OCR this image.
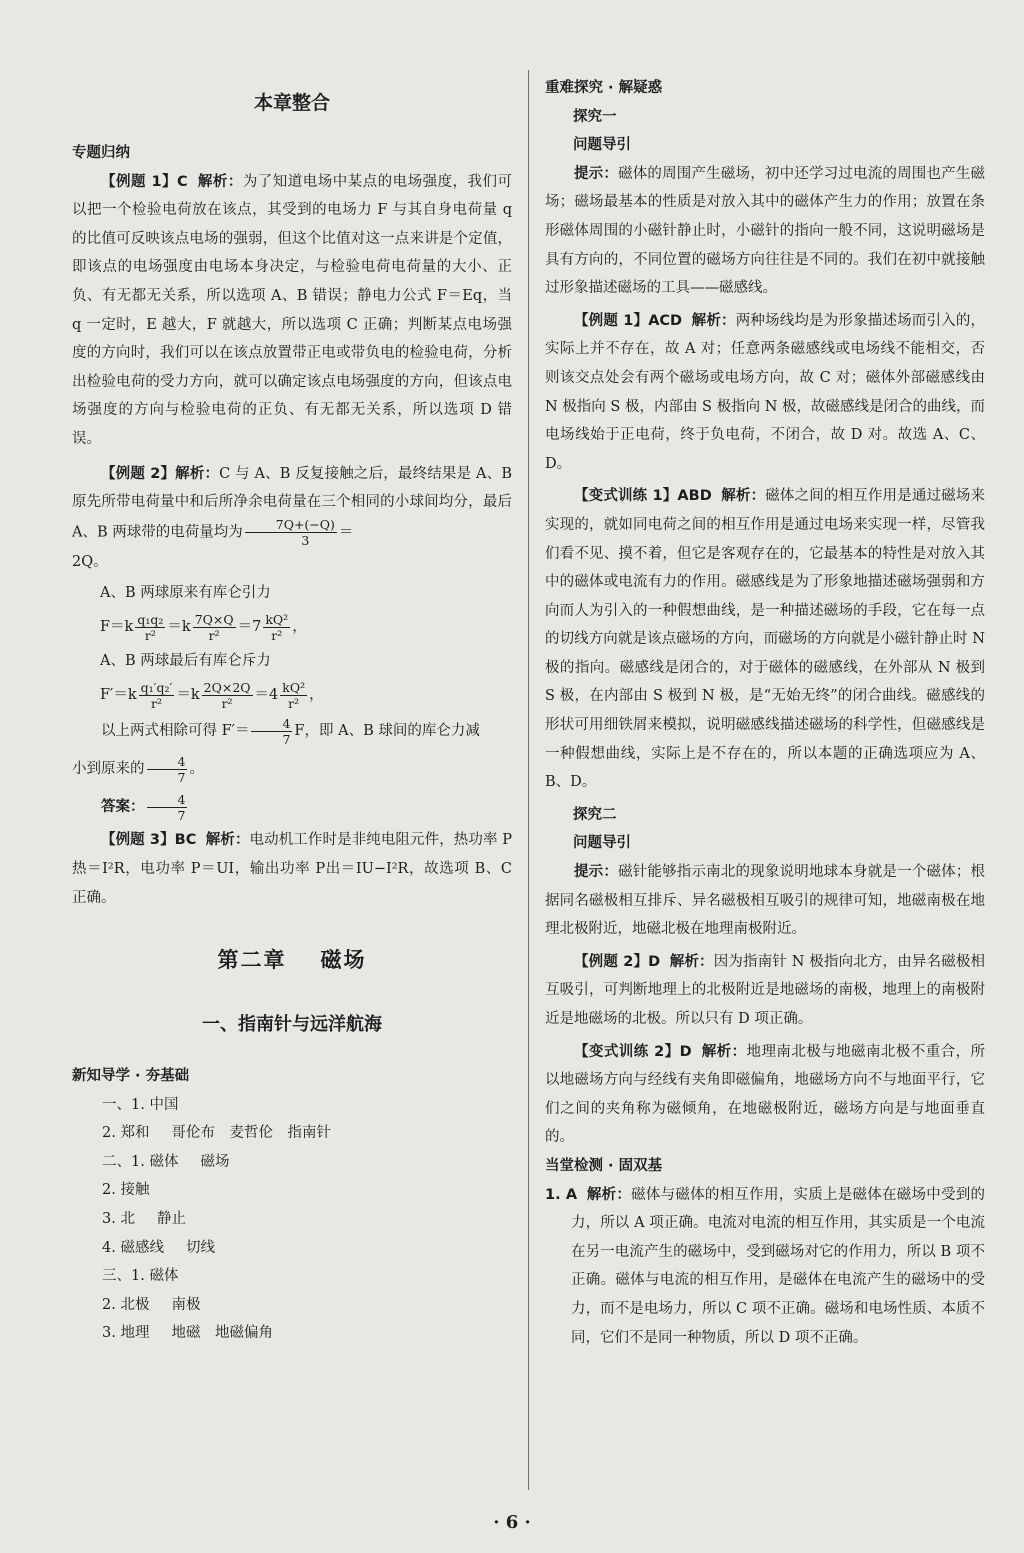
本章整合
专题归纳

【例题 1】C 解析：为了知道电场中某点的电场强度，我们可以把一个检验电荷放在该点，其受到的电场力 F 与其自身电荷量 q 的比值可反映该点电场的强弱，但这个比值对这一点来讲是个定值，即该点的电场强度由电场本身决定，与检验电荷电荷量的大小、正负、有无都无关系，所以选项 A、B 错误；静电力公式 F＝Eq，当 q 一定时，E 越大，F 就越大，所以选项 C 正确；判断某点电场强度的方向时，我们可以在该点放置带正电或带负电的检验电荷，分析出检验电荷的受力方向，就可以确定该点电场强度的方向，但该点电场强度的方向与检验电荷的正负、有无都无关系，所以选项 D 错误。

【例题 2】解析：C 与 A、B 反复接触之后，最终结果是 A、B 原先所带电荷量中和后所净余电荷量在三个相同的小球间均分，最后 A、B 两球带的电荷量均为 $\frac{7Q+(-Q)}{3}$ ＝
2Q。

A、B 两球原来有库仑引力
$F=k \frac{\text{q₁q₂}}{\text{r²}} =k \frac{7Q\times Q}{\text{r²}} =7 \frac{\text{kQ²}}{\text{r²}}$ ，
A、B 两球最后有库仑斥力
$F'=k \frac{\text{q₁′q₂′}}{\text{r²}} =k \frac{2Q\times 2Q}{\text{r²}} =4 \frac{\text{kQ²}}{\text{r²}}$ ，

以上两式相除可得 $F'= \frac{4}{7}$ F，即 A、B 球间的库仑力减
小到原来的 $\frac{4}{7}$ 。

答案： $\frac{4}{7}$

【例题 3】BC 解析：电动机工作时是非纯电阻元件，热功率 P热＝I²R，电功率 P＝UI，输出功率 P出＝IU−I²R，故选项 B、C 正确。

第二章 磁场
一、指南针与远洋航海
新知导学 · 夯基础
一、1. 中国
2. 郑和 哥伦布　麦哲伦　指南针
二、1. 磁体 磁场
2. 接触
3. 北 静止
4. 磁感线 切线
三、1. 磁体
2. 北极 南极
3. 地理 地磁　地磁偏角
重难探究 · 解疑惑
探究一
问题导引

提示：磁体的周围产生磁场，初中还学习过电流的周围也产生磁场；磁场最基本的性质是对放入其中的磁体产生力的作用；放置在条形磁体周围的小磁针静止时，小磁针的指向一般不同，这说明磁场是具有方向的，不同位置的磁场方向往往是不同的。我们在初中就接触过形象描述磁场的工具——磁感线。

【例题 1】ACD 解析：两种场线均是为形象描述场而引入的，实际上并不存在，故 A 对；任意两条磁感线或电场线不能相交，否则该交点处会有两个磁场或电场方向，故 C 对；磁体外部磁感线由 N 极指向 S 极，内部由 S 极指向 N 极，故磁感线是闭合的曲线，而电场线始于正电荷，终于负电荷，不闭合，故 D 对。故选 A、C、D。

【变式训练 1】ABD 解析：磁体之间的相互作用是通过磁场来实现的，就如同电荷之间的相互作用是通过电场来实现一样，尽管我们看不见、摸不着，但它是客观存在的，它最基本的特性是对放入其中的磁体或电流有力的作用。磁感线是为了形象地描述磁场强弱和方向而人为引入的一种假想曲线，是一种描述磁场的手段，它在每一点的切线方向就是该点磁场的方向，而磁场的方向就是小磁针静止时 N 极的指向。磁感线是闭合的，对于磁体的磁感线，在外部从 N 极到 S 极，在内部由 S 极到 N 极，是“无始无终”的闭合曲线。磁感线的形状可用细铁屑来模拟，说明磁感线描述磁场的科学性，但磁感线是一种假想曲线，实际上是不存在的，所以本题的正确选项应为 A、B、D。

探究二
问题导引

提示：磁针能够指示南北的现象说明地球本身就是一个磁体；根据同名磁极相互排斥、异名磁极相互吸引的规律可知，地磁南极在地理北极附近，地磁北极在地理南极附近。

【例题 2】D 解析：因为指南针 N 极指向北方，由异名磁极相互吸引，可判断地理上的北极附近是地磁场的南极，地理上的南极附近是地磁场的北极。所以只有 D 项正确。

【变式训练 2】D 解析：地理南北极与地磁南北极不重合，所以地磁场方向与经线有夹角即磁偏角，地磁场方向不与地面平行，它们之间的夹角称为磁倾角，在地磁极附近，磁场方向是与地面垂直的。

当堂检测 · 固双基

1. A 解析：磁体与磁体的相互作用，实质上是磁体在磁场中受到的力，所以 A 项正确。电流对电流的相互作用，其实质是一个电流在另一电流产生的磁场中，受到磁场对它的作用力，所以 B 项不正确。磁体与电流的相互作用，是磁体在电流产生的磁场中的受力，而不是电场力，所以 C 项不正确。磁场和电场性质、本质不同，它们不是同一种物质，所以 D 项不正确。

· 6 ·
